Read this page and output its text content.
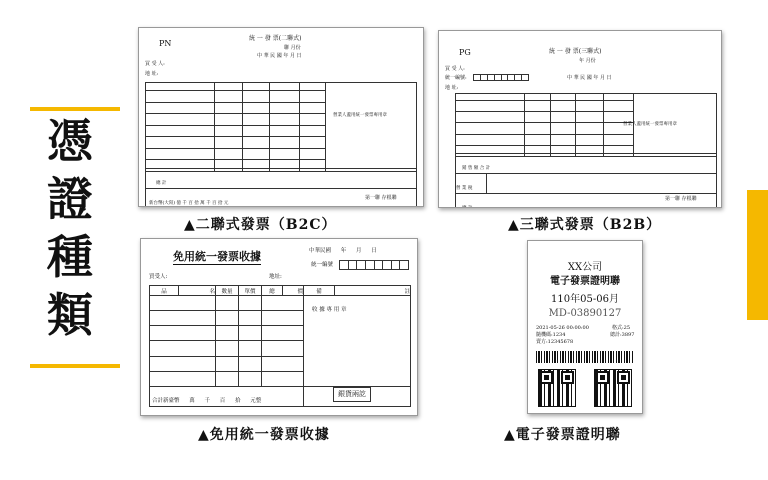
憑
證
種
類
PN
統 一 發 票(二聯式)
聯 月份
中 華 民 國 年 月 日
買 受 人:
地 址:

營業人蓋用統一發票專用章
總 計
新台幣(大寫) 億 千 百 拾 萬 千 百 拾 元

第一聯 存根聯
▲二聯式發票（B2C）
PG	統 一 發 票(三聯式)
年 月份
買 受 人:
統一編號:
								中 華 民 國 年 月 日
地 址:

營業人蓋用統一發票專用章
銷 售 額 合 計
營 業 稅	

第一聯 存根聯
▲三聯式發票（B2B）
免用統一發票收據	中華民國 年 月 日
統一編號

買受人:	地址:
品	名	數量	單價	總	價	備	註
						收 據 專 用 章	

合計新臺幣 萬 千 百 拾 元整							
銀貨兩訖
▲免用統一發票收據
XX公司
電子發票證明聯
110年05-06月
MD-03890127
2021-05-26 00:00:00	格式:25
隨機碼:1234	總計:3897
賣方:12345678
▲電子發票證明聯
